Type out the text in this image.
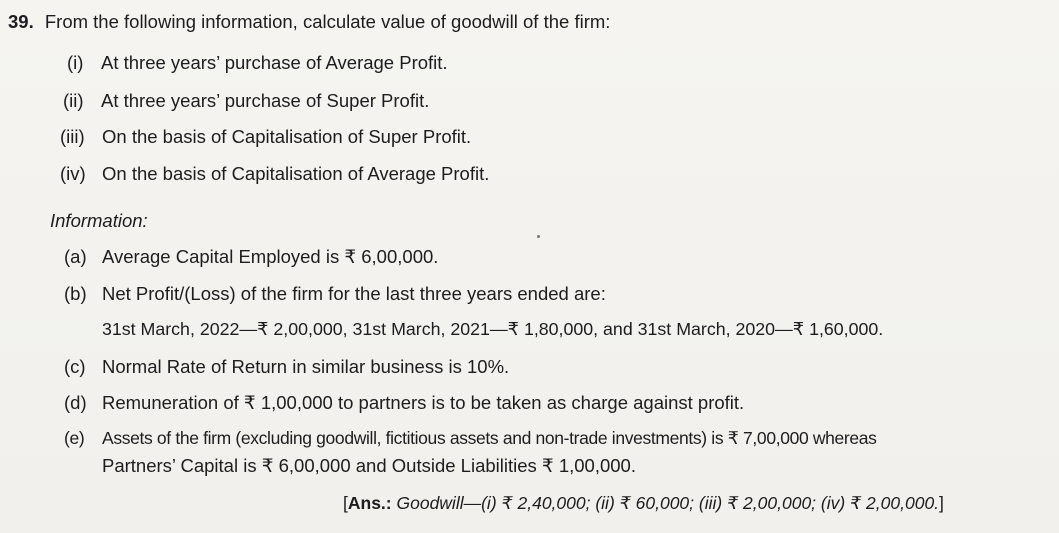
39. From the following information, calculate value of goodwill of the firm:
(i) At three years’ purchase of Average Profit.
(ii) At three years’ purchase of Super Profit.
(iii) On the basis of Capitalisation of Super Profit.
(iv) On the basis of Capitalisation of Average Profit.
Information:
(a) Average Capital Employed is ₹ 6,00,000.
(b) Net Profit/(Loss) of the firm for the last three years ended are:
31st March, 2022—₹ 2,00,000, 31st March, 2021—₹ 1,80,000, and 31st March, 2020—₹ 1,60,000.
(c) Normal Rate of Return in similar business is 10%.
(d) Remuneration of ₹ 1,00,000 to partners is to be taken as charge against profit.
(e) Assets of the firm (excluding goodwill, fictitious assets and non-trade investments) is ₹ 7,00,000 whereas
Partners’ Capital is ₹ 6,00,000 and Outside Liabilities ₹ 1,00,000.
[Ans.: Goodwill—(i) ₹ 2,40,000; (ii) ₹ 60,000; (iii) ₹ 2,00,000; (iv) ₹ 2,00,000.]
